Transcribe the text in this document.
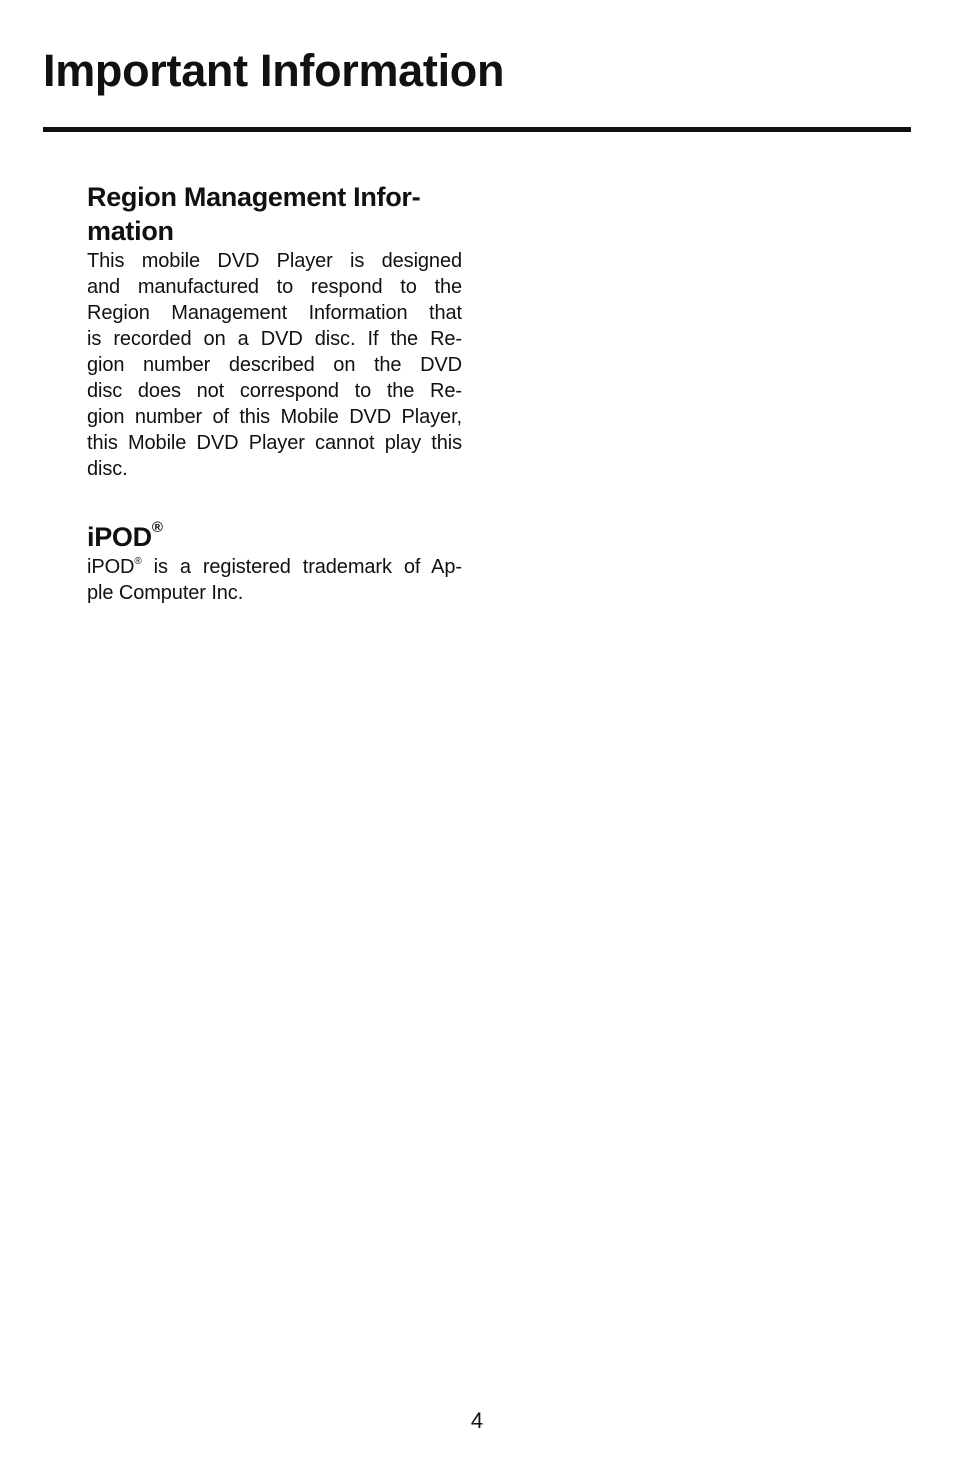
Important Information
Region Management Infor-
mation

This mobile DVD Player is designed
and manufactured to respond to the
Region Management Information that
is recorded on a DVD disc. If the Re-
gion number described on the DVD
disc does not correspond to the Re-
gion number of this Mobile DVD Player,
this Mobile DVD Player cannot play this
disc.

iPOD®

iPOD® is a registered trademark of Ap-
ple Computer Inc.

4
